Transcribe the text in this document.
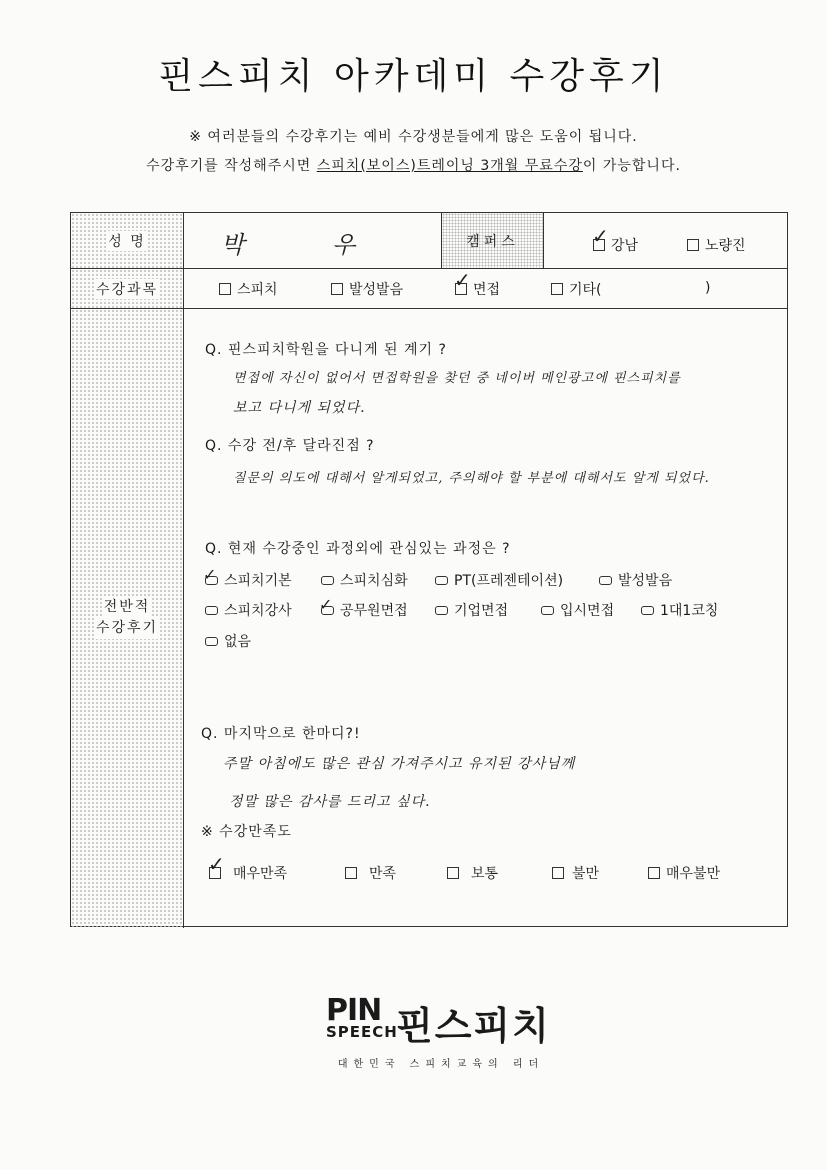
핀스피치 아카데미 수강후기
※ 여러분들의 수강후기는 예비 수강생분들에게 많은 도움이 됩니다.
수강후기를 작성해주시면 스피치(보이스)트레이닝 3개월 무료수강이 가능합니다.
성 명	박 우	캠퍼스 ✓	강남	노량진
수강과목	스피치	발성발음 ✓	면접	기타(	)
전반적
수강후기
Q. 핀스피치학원을 다니게 된 계기 ?
면접에 자신이 없어서 면접학원을 찾던 중 네이버 메인광고에 핀스피치를
보고 다니게 되었다.
Q. 수강 전/후 달라진점 ?
질문의 의도에 대해서 알게되었고, 주의해야 할 부분에 대해서도 알게 되었다.
Q. 현재 수강중인 과정외에 관심있는 과정은 ?
✓
스피치기본	스피치심화	PT(프레젠테이션)	발성발음
스피치강사 ✓	공무원면접	기업면접	입시면접	1대1코칭
없음
Q. 마지막으로 한마디?!
주말 아침에도 많은 관심 가져주시고 유지된 강사님께
정말 많은 감사를 드리고 싶다.
※ 수강만족도
✓
매우만족	만족	보통	불만	매우불만
PIN
SPEECH
핀스피치
대한민국 스피치교육의 리더
